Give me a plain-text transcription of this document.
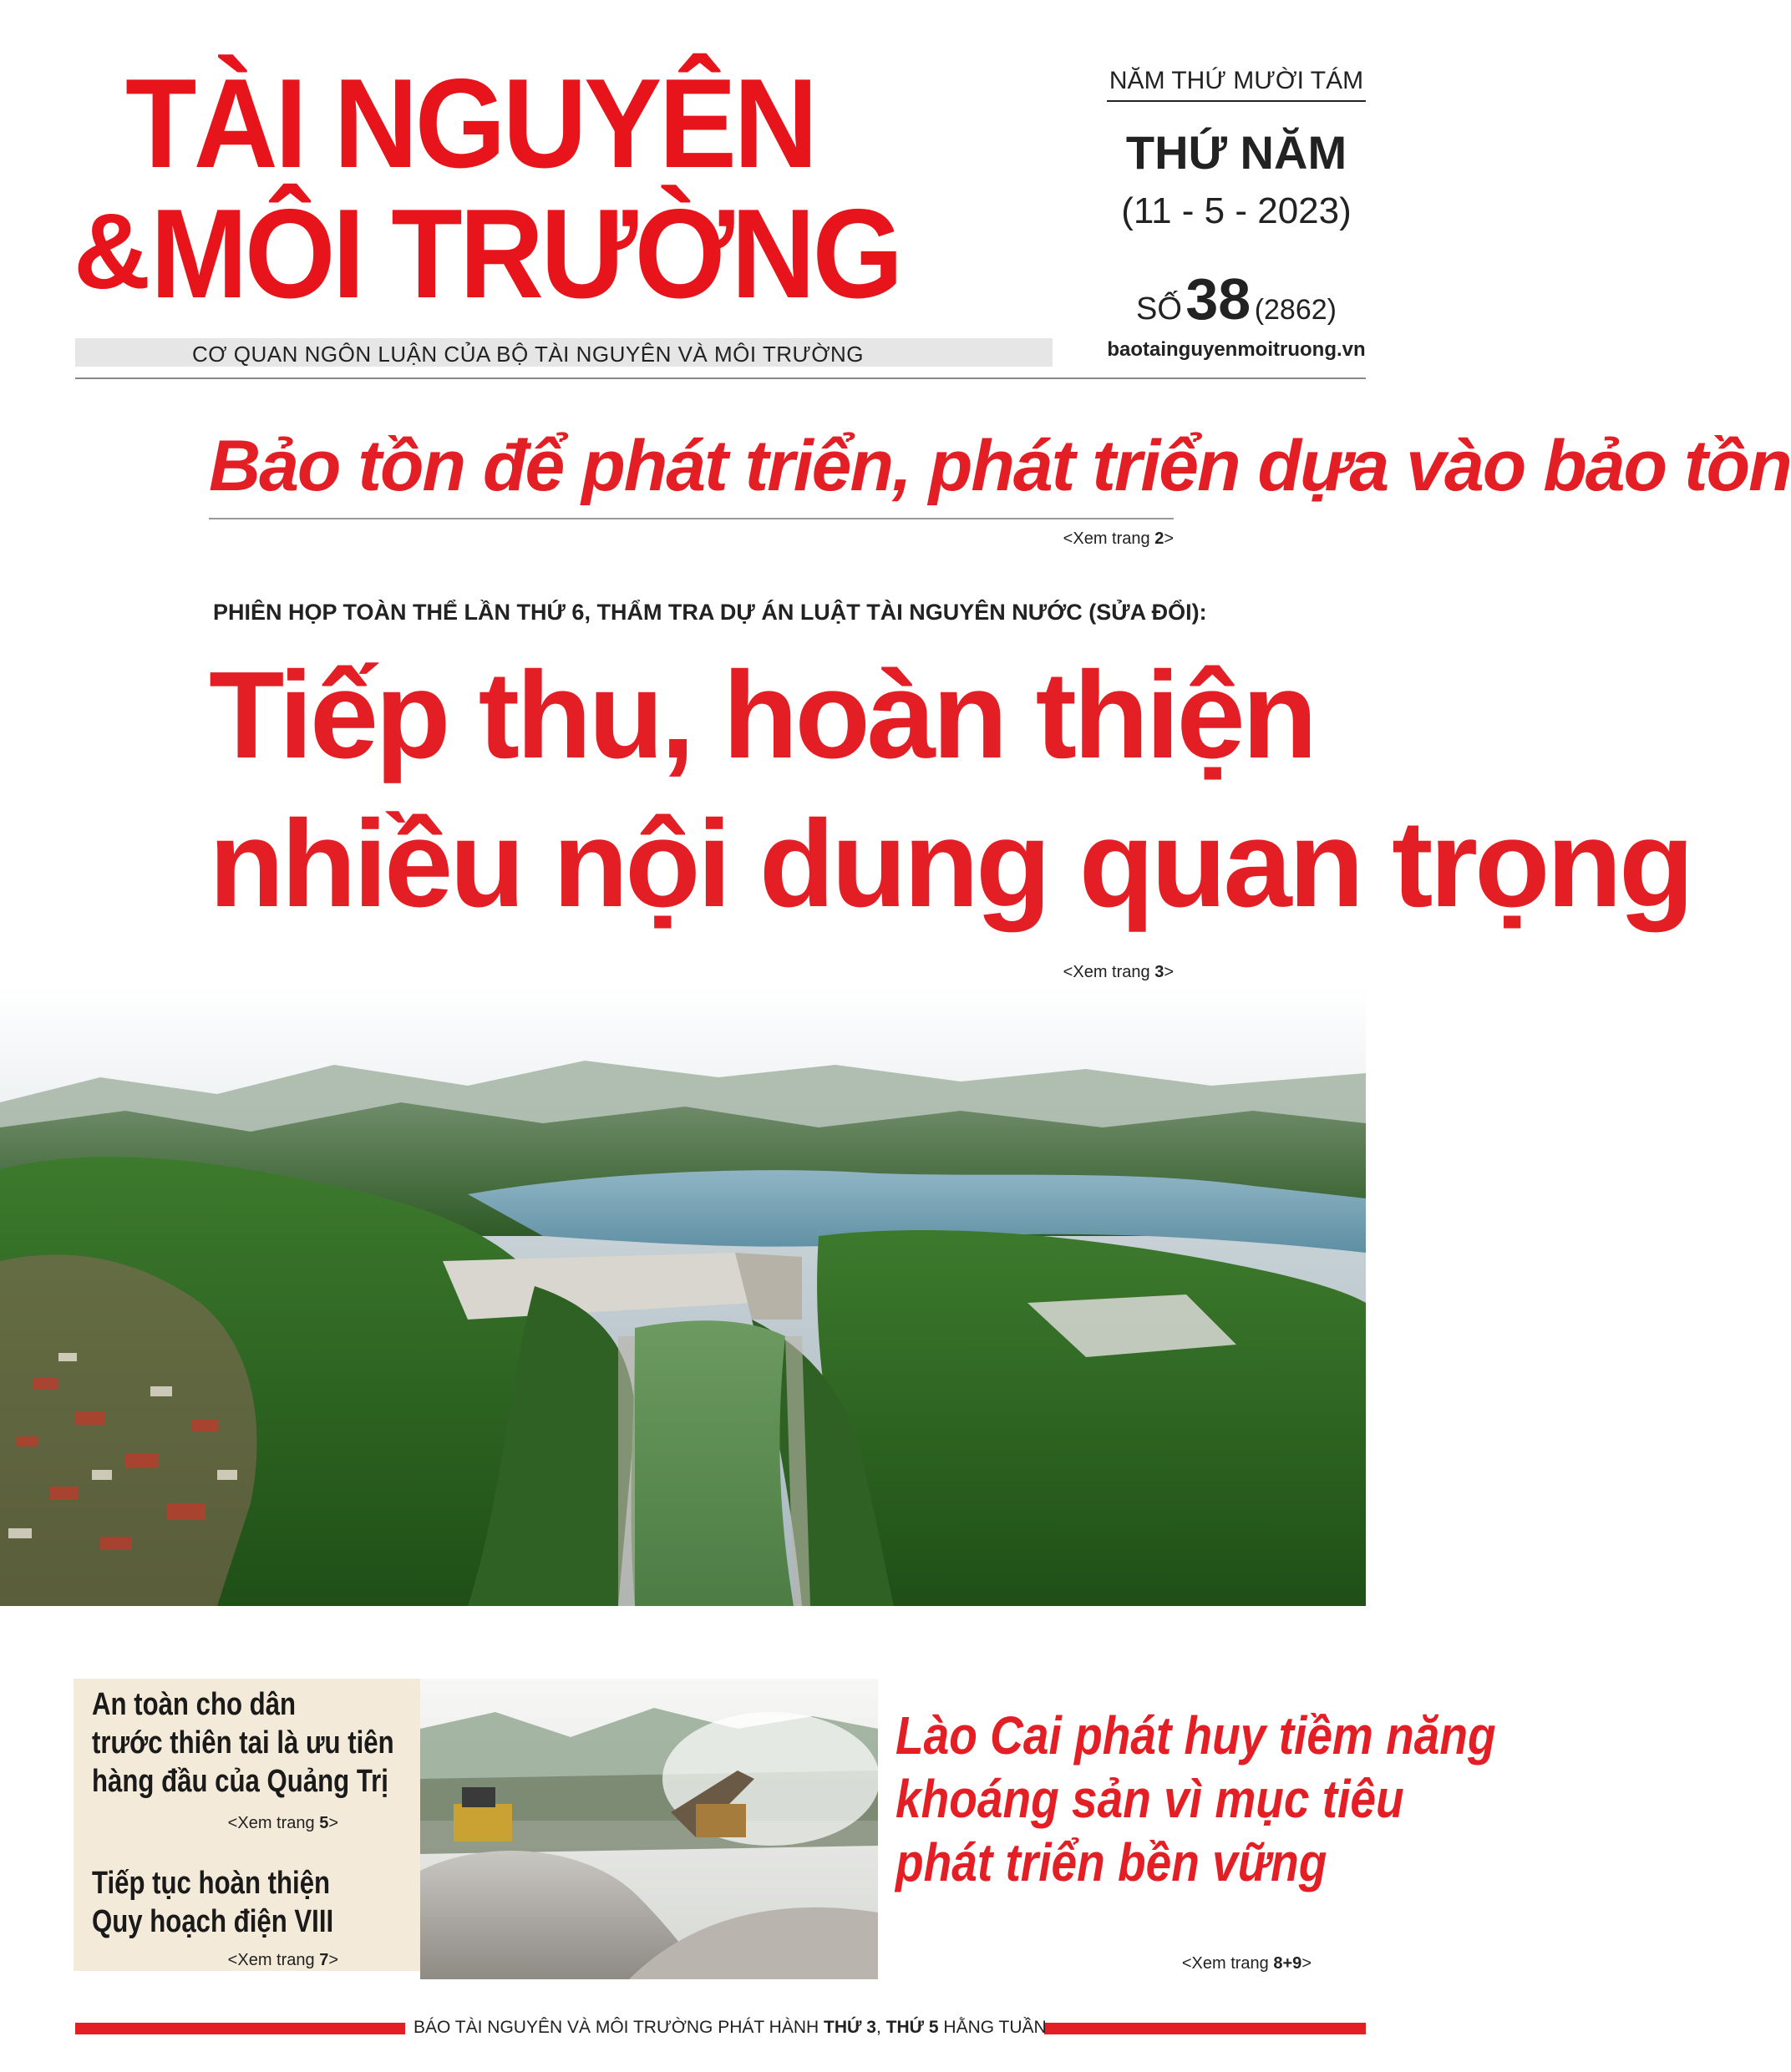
TÀI NGUYÊN
& MÔI TRƯỜNG
CƠ QUAN NGÔN LUẬN CỦA BỘ TÀI NGUYÊN VÀ MÔI TRƯỜNG
NĂM THỨ MƯỜI TÁM
THỨ NĂM
(11 - 5 - 2023)
SỐ 38 (2862)
baotainguyenmoitruong.vn
Bảo tồn để phát triển, phát triển dựa vào bảo tồn
<Xem trang 2>
PHIÊN HỌP TOÀN THỂ LẦN THỨ 6, THẨM TRA DỰ ÁN LUẬT TÀI NGUYÊN NƯỚC (SỬA ĐỔI):
Tiếp thu, hoàn thiện
nhiều nội dung quan trọng
<Xem trang 3>
An toàn cho dân
trước thiên tai là ưu tiên
hàng đầu của Quảng Trị
<Xem trang 5>
Tiếp tục hoàn thiện
Quy hoạch điện VIII
<Xem trang 7>
Lào Cai phát huy tiềm năng
khoáng sản vì mục tiêu
phát triển bền vững
<Xem trang 8+9>
BÁO TÀI NGUYÊN VÀ MÔI TRƯỜNG PHÁT HÀNH THỨ 3, THỨ 5 HẰNG TUẦN
